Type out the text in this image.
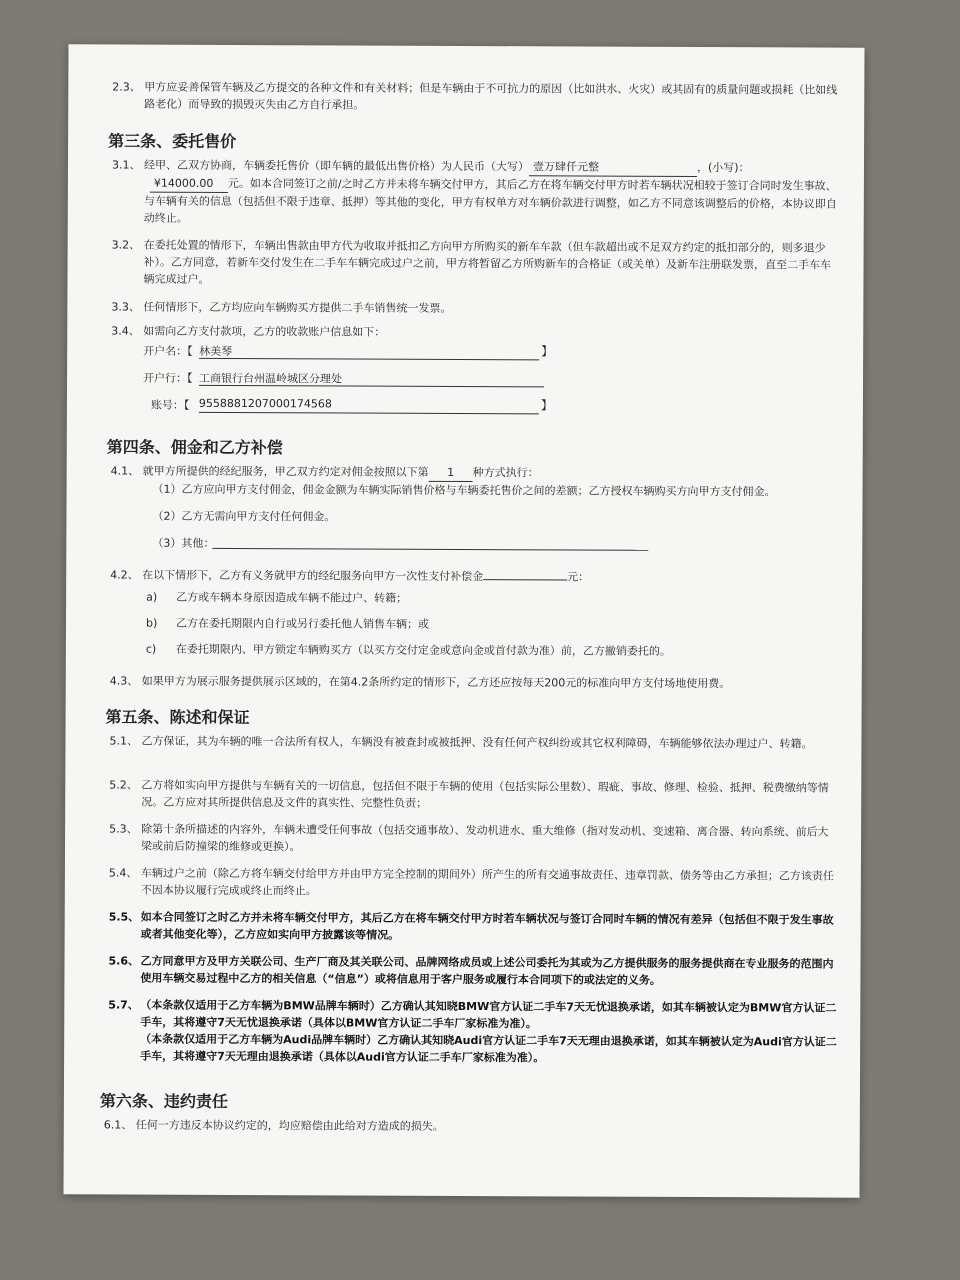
2.3、 甲方应妥善保管车辆及乙方提交的各种文件和有关材料；但是车辆由于不可抗力的原因（比如洪水、火灾）或其固有的质量问题或损耗（比如线路老化）而导致的损毁灭失由乙方自行承担。
第三条、委托售价
3.1、 经甲、乙双方协商，车辆委托售价（即车辆的最低出售价格）为人民币（大写） 壹万肆仟元整	，(小写)：
¥14000.00 元。如本合同签订之前/之时乙方并未将车辆交付甲方，其后乙方在将车辆交付甲方时若车辆状况相较于签订合同时发生事故、与车辆有关的信息（包括但不限于违章、抵押）等其他的变化，甲方有权单方对车辆价款进行调整，如乙方不同意该调整后的价格，本协议即自动终止。
3.2、 在委托处置的情形下，车辆出售款由甲方代为收取并抵扣乙方向甲方所购买的新车车款（但车款超出或不足双方约定的抵扣部分的，则多退少补）。乙方同意，若新车交付发生在二手车车辆完成过户之前，甲方将暂留乙方所购新车的合格证（或关单）及新车注册联发票，直至二手车车辆完成过户。
3.3、 任何情形下，乙方均应向车辆购买方提供二手车销售统一发票。
3.4、 如需向乙方支付款项，乙方的收款账户信息如下：
开户名：【 林美琴	】
开户行：【 工商银行台州温岭城区分理处
账号：【 9558881207000174568	】
第四条、佣金和乙方补偿
4.1、 就甲方所提供的经纪服务，甲乙双方约定对佣金按照以下第 1 种方式执行：
（1）乙方应向甲方支付佣金，佣金金额为车辆实际销售价格与车辆委托售价之间的差额；乙方授权车辆购买方向甲方支付佣金。
（2）乙方无需向甲方支付任何佣金。
（3）其他：
4.2、 在以下情形下，乙方有义务就甲方的经纪服务向甲方一次性支付补偿金	元：
a) 乙方或车辆本身原因造成车辆不能过户、转籍；
b) 乙方在委托期限内自行或另行委托他人销售车辆；或
c) 在委托期限内、甲方锁定车辆购买方（以买方交付定金或意向金或首付款为准）前，乙方撤销委托的。
4.3、 如果甲方为展示服务提供展示区域的，在第4.2条所约定的情形下，乙方还应按每天200元的标准向甲方支付场地使用费。
第五条、陈述和保证
5.1、 乙方保证，其为车辆的唯一合法所有权人，车辆没有被查封或被抵押、没有任何产权纠纷或其它权利障碍，车辆能够依法办理过户、转籍。
5.2、 乙方将如实向甲方提供与车辆有关的一切信息，包括但不限于车辆的使用（包括实际公里数）、瑕疵、事故、修理、检验、抵押、税费缴纳等情况。乙方应对其所提供信息及文件的真实性、完整性负责；
5.3、 除第十条所描述的内容外，车辆未遭受任何事故（包括交通事故）、发动机进水、重大维修（指对发动机、变速箱、离合器、转向系统、前后大梁或前后防撞梁的维修或更换）。
5.4、 车辆过户之前（除乙方将车辆交付给甲方并由甲方完全控制的期间外）所产生的所有交通事故责任、违章罚款、债务等由乙方承担；乙方该责任不因本协议履行完成或终止而终止。
5.5、 如本合同签订之时乙方并未将车辆交付甲方，其后乙方在将车辆交付甲方时若车辆状况与签订合同时车辆的情况有差异（包括但不限于发生事故或者其他变化等），乙方应如实向甲方披露该等情况。
5.6、 乙方同意甲方及甲方关联公司、生产厂商及其关联公司、品牌网络成员或上述公司委托为其或为乙方提供服务的服务提供商在专业服务的范围内使用车辆交易过程中乙方的相关信息（“信息”）或将信息用于客户服务或履行本合同项下的或法定的义务。
5.7、 （本条款仅适用于乙方车辆为BMW品牌车辆时）乙方确认其知晓BMW官方认证二手车7天无忧退换承诺，如其车辆被认定为BMW官方认证二手车，其将遵守7天无忧退换承诺（具体以BMW官方认证二手车厂家标准为准）。
（本条款仅适用于乙方车辆为Audi品牌车辆时）乙方确认其知晓Audi官方认证二手车7天无理由退换承诺，如其车辆被认定为Audi官方认证二手车，其将遵守7天无理由退换承诺（具体以Audi官方认证二手车厂家标准为准）。
第六条、违约责任
6.1、 任何一方违反本协议约定的，均应赔偿由此给对方造成的损失。
